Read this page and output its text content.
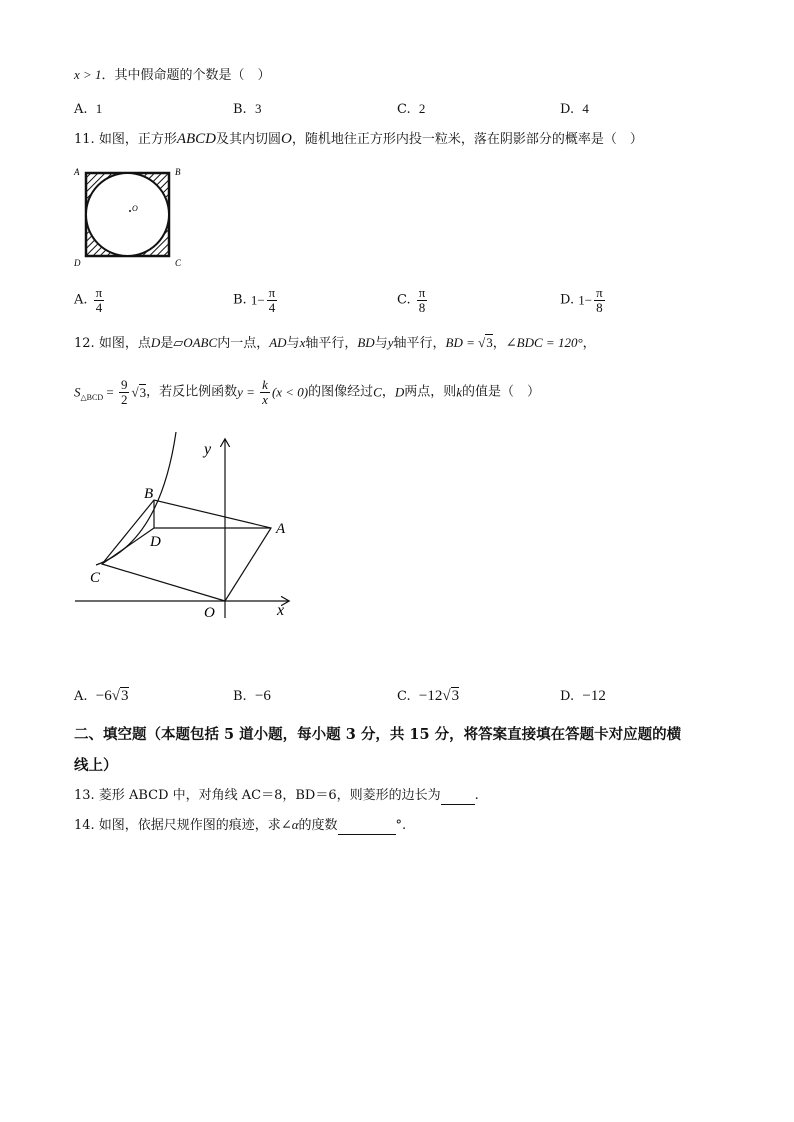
x > 1．其中假命题的个数是（　）
A. 1	B. 3	C. 2	D. 4
11. 如图，正方形ABCD及其内切圆O，随机地往正方形内投一粒米，落在阴影部分的概率是（　）
A	B
C
D
O
A. $\frac{\pi}{4}$	B. $1- \frac{\pi}{4}$	C. $\frac{\pi}{8}$	D. $1- \frac{\pi}{8}$
12. 如图，点D是▱OABC内一点，AD与x轴平行，BD与y轴平行，BD = √3，∠BDC = 120°，
$S_{\triangle BCD} = \frac{9}{2} √3$，若反比例函数$y = \frac{k}{x} (x < 0)$的图像经过C，D两点，则k的值是（　）
y
x
B
D
C
A
O
A. −6√3	B. −6	C. −12√3	D. −12
二、填空题（本题包括 5 道小题，每小题 3 分，共 15 分，将答案直接填在答题卡对应题的横
线上）
13. 菱形 ABCD 中，对角线 AC＝8，BD＝6，则菱形的边长为	.
14. 如图，依据尺规作图的痕迹，求∠α的度数	°.
